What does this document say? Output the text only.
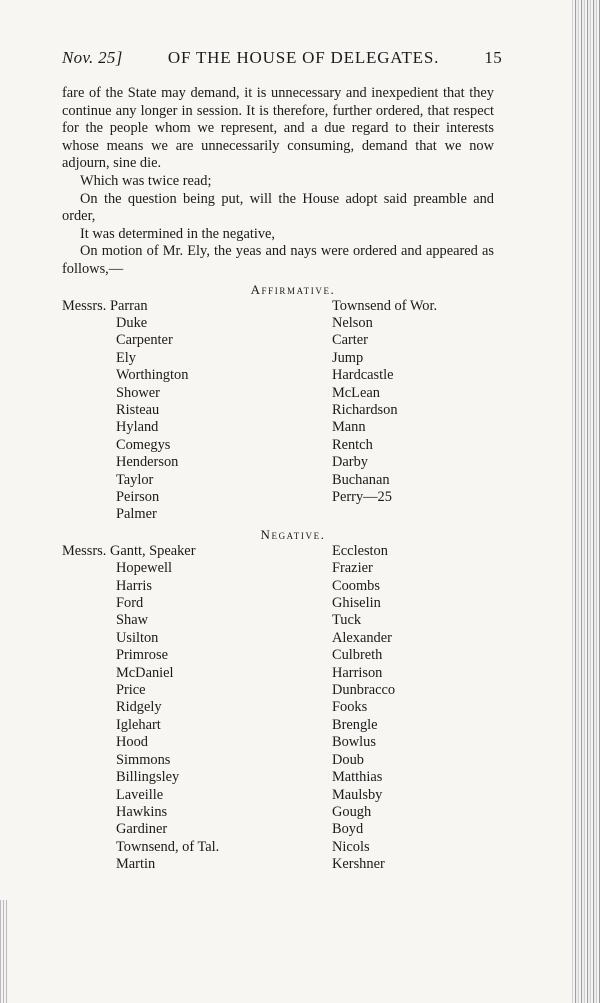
Nov. 25]	OF THE HOUSE OF DELEGATES.	15

fare of the State may demand, it is unnecessary and inexpedient that they continue any longer in session. It is therefore, further ordered, that respect for the people whom we represent, and a due regard to their interests whose means we are unnecessarily consuming, demand that we now adjourn, sine die.

Which was twice read;

On the question being put, will the House adopt said preamble and order,

It was determined in the negative,

On motion of Mr. Ely, the yeas and nays were ordered and appeared as follows,—

Affirmative.
Messrs. Parran
Duke
Carpenter
Ely
Worthington
Shower
Risteau
Hyland
Comegys
Henderson
Taylor
Peirson
Palmer
Townsend of Wor.
Nelson
Carter
Jump
Hardcastle
McLean
Richardson
Mann
Rentch
Darby
Buchanan
Perry—25
Negative.
Messrs. Gantt, Speaker
Hopewell
Harris
Ford
Shaw
Usilton
Primrose
McDaniel
Price
Ridgely
Iglehart
Hood
Simmons
Billingsley
Laveille
Hawkins
Gardiner
Townsend, of Tal.
Martin
Eccleston
Frazier
Coombs
Ghiselin
Tuck
Alexander
Culbreth
Harrison
Dunbracco
Fooks
Brengle
Bowlus
Doub
Matthias
Maulsby
Gough
Boyd
Nicols
Kershner
